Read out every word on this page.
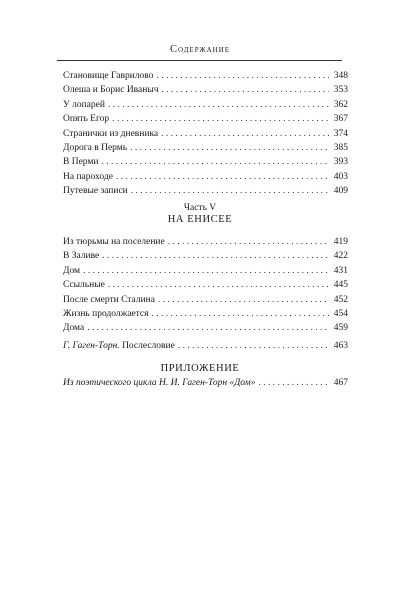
Содержание
Становище Гаврилово . . .	348
Олеша и Борис Иваныч . . .	353
У лопарей . . .	362
Опять Егор . . .	367
Странички из дневника . . .	374
Дорога в Пермь . . .	385
В Перми . . .	393
На пароходе . . .	403
Путевые записи . . .	409
Часть V
НА ЕНИСЕЕ
Из тюрьмы на поселение . . .	419
В Заливе . . .	422
Дом . . .	431
Ссыльные . . .	445
После смерти Сталина . . .	452
Жизнь продолжается . . .	454
Дома . . .	459
Г. Гаген-Торн. Послесловие . . .	463
ПРИЛОЖЕНИЕ
Из поэтического цикла Н. И. Гаген-Торн «Дом» . . .	467
